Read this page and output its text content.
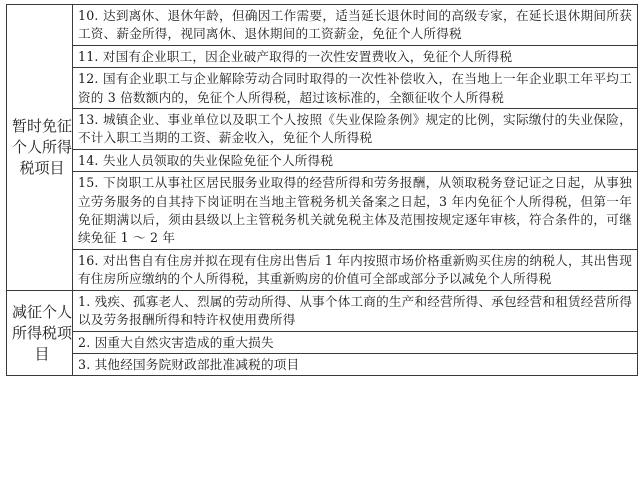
暂时免征个人所得税项目	10. 达到离休、退休年龄，但确因工作需要，适当延长退休时间的高级专家，在延长退休期间所获工资、薪金所得，视同离休、退休期间的工资薪金，免征个人所得税
	11. 对国有企业职工，因企业破产取得的一次性安置费收入，免征个人所得税
	12. 国有企业职工与企业解除劳动合同时取得的一次性补偿收入，在当地上一年企业职工年平均工资的 3 倍数额内的，免征个人所得税，超过该标准的，全额征收个人所得税
	13. 城镇企业、事业单位以及职工个人按照《失业保险条例》规定的比例，实际缴付的失业保险，不计入职工当期的工资、薪金收入，免征个人所得税
	14. 失业人员领取的失业保险免征个人所得税
	15. 下岗职工从事社区居民服务业取得的经营所得和劳务报酬，从领取税务登记证之日起，从事独立劳务服务的自其持下岗证明在当地主管税务机关备案之日起，3 年内免征个人所得税，但第一年免征期满以后，须由县级以上主管税务机关就免税主体及范围按规定逐年审核，符合条件的，可继续免征 1 ～ 2 年
	16. 对出售自有住房并拟在现有住房出售后 1 年内按照市场价格重新购买住房的纳税人，其出售现有住房所应缴纳的个人所得税，其重新购房的价值可全部或部分予以减免个人所得税
减征个人所得税项目	1. 残疾、孤寡老人、烈属的劳动所得、从事个体工商的生产和经营所得、承包经营和租赁经营所得以及劳务报酬所得和特许权使用费所得
	2. 因重大自然灾害造成的重大损失
	3. 其他经国务院财政部批准减税的项目
